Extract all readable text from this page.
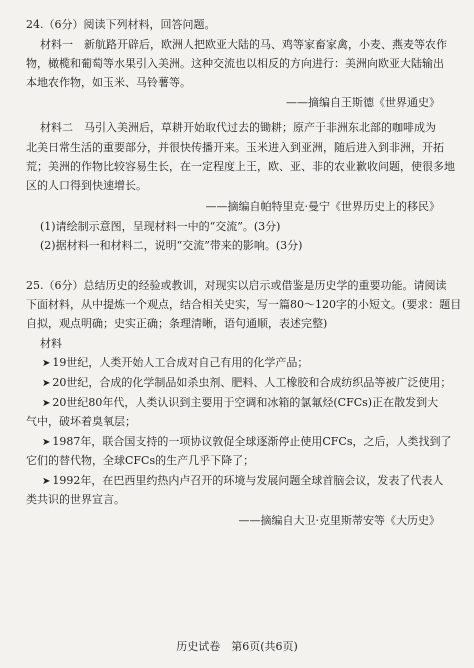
24.（6分）阅读下列材料，回答问题。
材料一　新航路开辟后，欧洲人把欧亚大陆的马、鸡等家畜家禽，小麦、燕麦等农作
物，橄榄和葡萄等水果引入美洲。这种交流也以相反的方向进行：美洲向欧亚大陆输出
本地农作物，如玉米、马铃薯等。
——摘编自王斯德《世界通史》
材料二　马引入美洲后，草耕开始取代过去的锄耕；原产于非洲东北部的咖啡成为
北美日常生活的重要部分，并很快传播开来。玉米进入到亚洲，随后进入到非洲，开拓
荒；美洲的作物比较容易生长，在一定程度上王，欧、亚、非的农业歉收问题，使很多地
区的人口得到快速增长。
——摘编自帕特里克·曼宁《世界历史上的移民》
(1)请绘制示意图，呈现材料一中的“交流”。(3分)
(2)据材料一和材料二，说明“交流”带来的影响。(3分)
25.（6分）总结历史的经验或教训，对现实以启示或借鉴是历史学的重要功能。请阅读
下面材料，从中提炼一个观点，结合相关史实，写一篇80～120字的小短文。(要求：题目
自拟，观点明确；史实正确；条理清晰，语句通顺，表述完整)
材料
➤ 19世纪，人类开始人工合成对自己有用的化学产品；
➤ 20世纪，合成的化学制品如杀虫剂、肥料、人工橡胶和合成纺织品等被广泛使用；
➤ 20世纪80年代，人类认识到主要用于空调和冰箱的氯氟烃(CFCs)正在散发到大
气中，破坏着臭氧层；
➤ 1987年，联合国支持的一项协议敦促全球逐渐停止使用CFCs，之后，人类找到了
它们的替代物，全球CFCs的生产几乎下降了；
➤ 1992年，在巴西里约热内卢召开的环境与发展问题全球首脑会议，发表了代表人
类共识的世界宣言。
——摘编自大卫·克里斯蒂安等《大历史》
历史试卷　第6页(共6页)
